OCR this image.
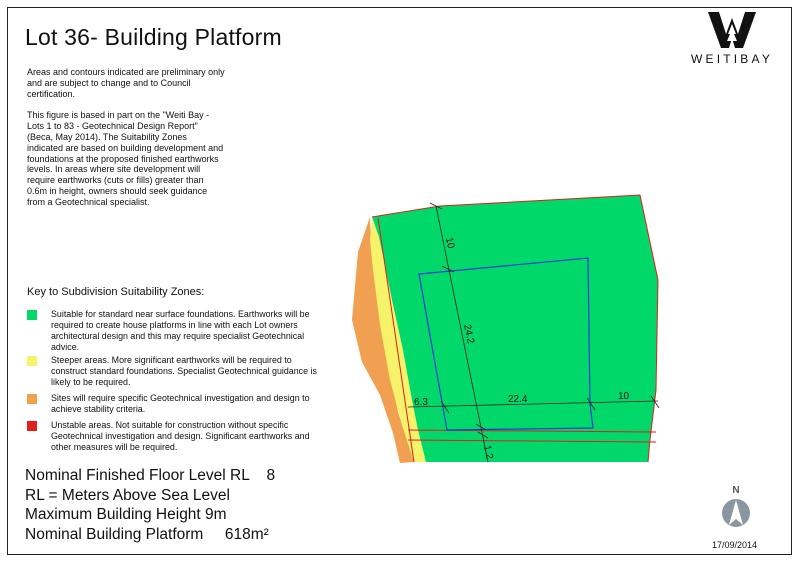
Lot 36- Building Platform
WEITIBAY

Areas and contours indicated are preliminary only and are subject to change and to Council certification.

This figure is based in part on the "Weiti Bay - Lots 1 to 83 - Geotechnical Design Report" (Beca, May 2014). The Suitability Zones indicated are based on building development and foundations at the proposed finished earthworks levels. In areas where site development will require earthworks (cuts or fills) greater than 0.6m in height, owners should seek guidance from a Geotechnical specialist.

Key to Subdivision Suitability Zones:
Suitable for standard near surface foundations. Earthworks will be required to create house platforms in line with each Lot owners architectural design and this may require specialist Geotechnical advice.
Steeper areas. More significant earthworks will be required to construct standard foundations. Specialist Geotechnical guidance is likely to be required.
Sites will require specific Geotechnical investigation and design to achieve stability criteria.
Unstable areas. Not suitable for construction without specific Geotechnical investigation and design. Significant earthworks and other measures will be required.
Nominal Finished Floor Level RL    8
RL = Meters Above Sea Level
Maximum Building Height 9m
Nominal Building Platform     618m²
10
24.2
6.3	22.4	10
1.2
N
17/09/2014
